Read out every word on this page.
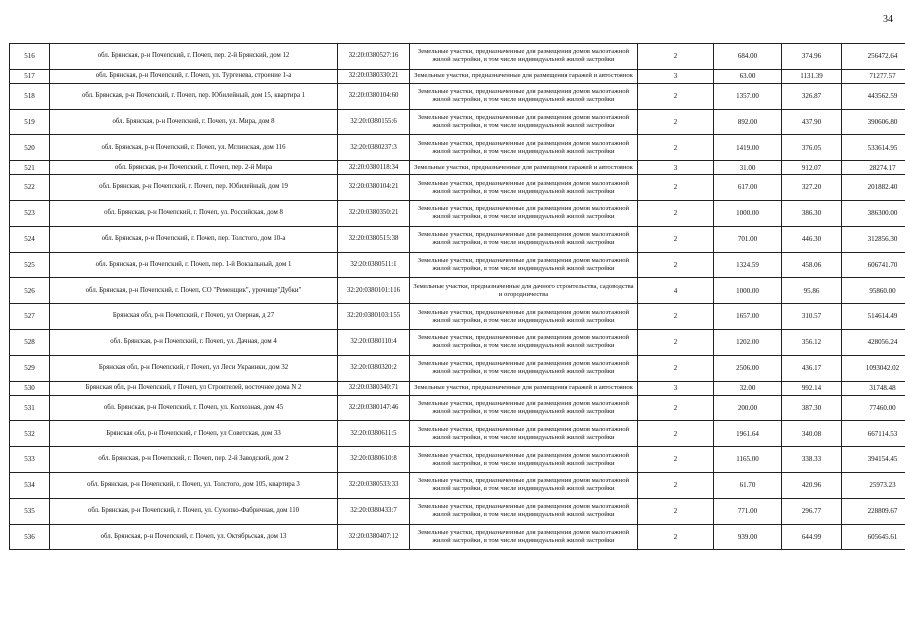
34
516	обл. Брянская, р-н Почепский, г. Почеп, пер. 2-й Брянский, дом 12	32:20:0380527:16	Земельные участки, предназначенные для размещения домов малоэтажной жилой застройки, в том числе индивидуальной жилой застройки	2	684.00	374.96	256472.64
517	обл. Брянская, р-н Почепский, г. Почеп, ул. Тургенева, строение 1-а	32:20:0380330:21	Земельные участки, предназначенные для размещения гаражей и автостоянок	3	63.00	1131.39	71277.57
518	обл. Брянская, р-н Почепский, г. Почеп, пер. Юбилейный, дом 15, квартира 1	32:20:0380104:60	Земельные участки, предназначенные для размещения домов малоэтажной жилой застройки, в том числе индивидуальной жилой застройки	2	1357.00	326.87	443562.59
519	обл. Брянская, р-н Почепский, г. Почеп, ул. Мира, дом 8	32:20:0380155:6	Земельные участки, предназначенные для размещения домов малоэтажной жилой застройки, в том числе индивидуальной жилой застройки	2	892.00	437.90	390606.80
520	обл. Брянская, р-н Почепский, г. Почеп, ул. Мглинская, дом 116	32:20:0380237:3	Земельные участки, предназначенные для размещения домов малоэтажной жилой застройки, в том числе индивидуальной жилой застройки	2	1419.00	376.05	533614.95
521	обл. Брянская, р-н Почепский, г. Почеп, пер. 2-й Мира	32:20:0380118:34	Земельные участки, предназначенные для размещения гаражей и автостоянок	3	31.00	912.07	28274.17
522	обл. Брянская, р-н Почепский, г. Почеп, пер. Юбилейный, дом 19	32:20:0380104:21	Земельные участки, предназначенные для размещения домов малоэтажной жилой застройки, в том числе индивидуальной жилой застройки	2	617.00	327.20	201882.40
523	обл. Брянская, р-н Почепский, г. Почеп, ул. Российская, дом 8	32:20:0380350:21	Земельные участки, предназначенные для размещения домов малоэтажной жилой застройки, в том числе индивидуальной жилой застройки	2	1000.00	386.30	386300.00
524	обл. Брянская, р-н Почепский, г. Почеп, пер. Толстого, дом 10-а	32:20:0380515:38	Земельные участки, предназначенные для размещения домов малоэтажной жилой застройки, в том числе индивидуальной жилой застройки	2	701.00	446.30	312856.30
525	обл. Брянская, р-н Почепский, г. Почеп, пер. 1-й Вокзальный, дом 1	32:20:0380511:1	Земельные участки, предназначенные для размещения домов малоэтажной жилой застройки, в том числе индивидуальной жилой застройки	2	1324.59	458.06	606741.70
526	обл. Брянская, р-н Почепский, г. Почеп, СО "Ременщик", урочище"Дубки"	32:20:0380101:116	Земельные участки, предназначенные для дачного строительства, садоводства и огородничества	4	1000.00	95.86	95860.00
527	Брянская обл, р-н Почепский, г Почеп, ул Озерная, д 27	32:20:0380103:155	Земельные участки, предназначенные для размещения домов малоэтажной жилой застройки, в том числе индивидуальной жилой застройки	2	1657.00	310.57	514614.49
528	обл. Брянская, р-н Почепский, г. Почеп, ул. Дачная, дом 4	32:20:0380110:4	Земельные участки, предназначенные для размещения домов малоэтажной жилой застройки, в том числе индивидуальной жилой застройки	2	1202.00	356.12	428056.24
529	Брянская обл, р-н Почепский, г Почеп, ул Леси Украинки, дом 32	32:20:0380320:2	Земельные участки, предназначенные для размещения домов малоэтажной жилой застройки, в том числе индивидуальной жилой застройки	2	2506.00	436.17	1093042.02
530	Брянская обл, р-н Почепский, г Почеп, ул Строителей, восточнее дома N 2	32:20:0380340:71	Земельные участки, предназначенные для размещения гаражей и автостоянок	3	32.00	992.14	31748.48
531	обл. Брянская, р-н Почепский, г. Почеп, ул. Колхозная, дом 45	32:20:0380147:46	Земельные участки, предназначенные для размещения домов малоэтажной жилой застройки, в том числе индивидуальной жилой застройки	2	200.00	387.30	77460.00
532	Брянская обл, р-н Почепский, г Почеп, ул Советская, дом 33	32:20:0380611:5	Земельные участки, предназначенные для размещения домов малоэтажной жилой застройки, в том числе индивидуальной жилой застройки	2	1961.64	340.08	667114.53
533	обл. Брянская, р-н Почепский, г. Почеп, пер. 2-й Заводский, дом 2	32:20:0380610:8	Земельные участки, предназначенные для размещения домов малоэтажной жилой застройки, в том числе индивидуальной жилой застройки	2	1165.00	338.33	394154.45
534	обл. Брянская, р-н Почепский, г. Почеп, ул. Толстого, дом 105, квартира 3	32:20:0380533:33	Земельные участки, предназначенные для размещения домов малоэтажной жилой застройки, в том числе индивидуальной жилой застройки	2	61.70	420.96	25973.23
535	обл. Брянская, р-н Почепский, г. Почеп, ул. Сухопко-Фабричная, дом 110	32:20:0380433:7	Земельные участки, предназначенные для размещения домов малоэтажной жилой застройки, в том числе индивидуальной жилой застройки	2	771.00	296.77	228809.67
536	обл. Брянская, р-н Почепский, г. Почеп, ул. Октябрьская, дом 13	32:20:0380407:12	Земельные участки, предназначенные для размещения домов малоэтажной жилой застройки, в том числе индивидуальной жилой застройки	2	939.00	644.99	605645.61
